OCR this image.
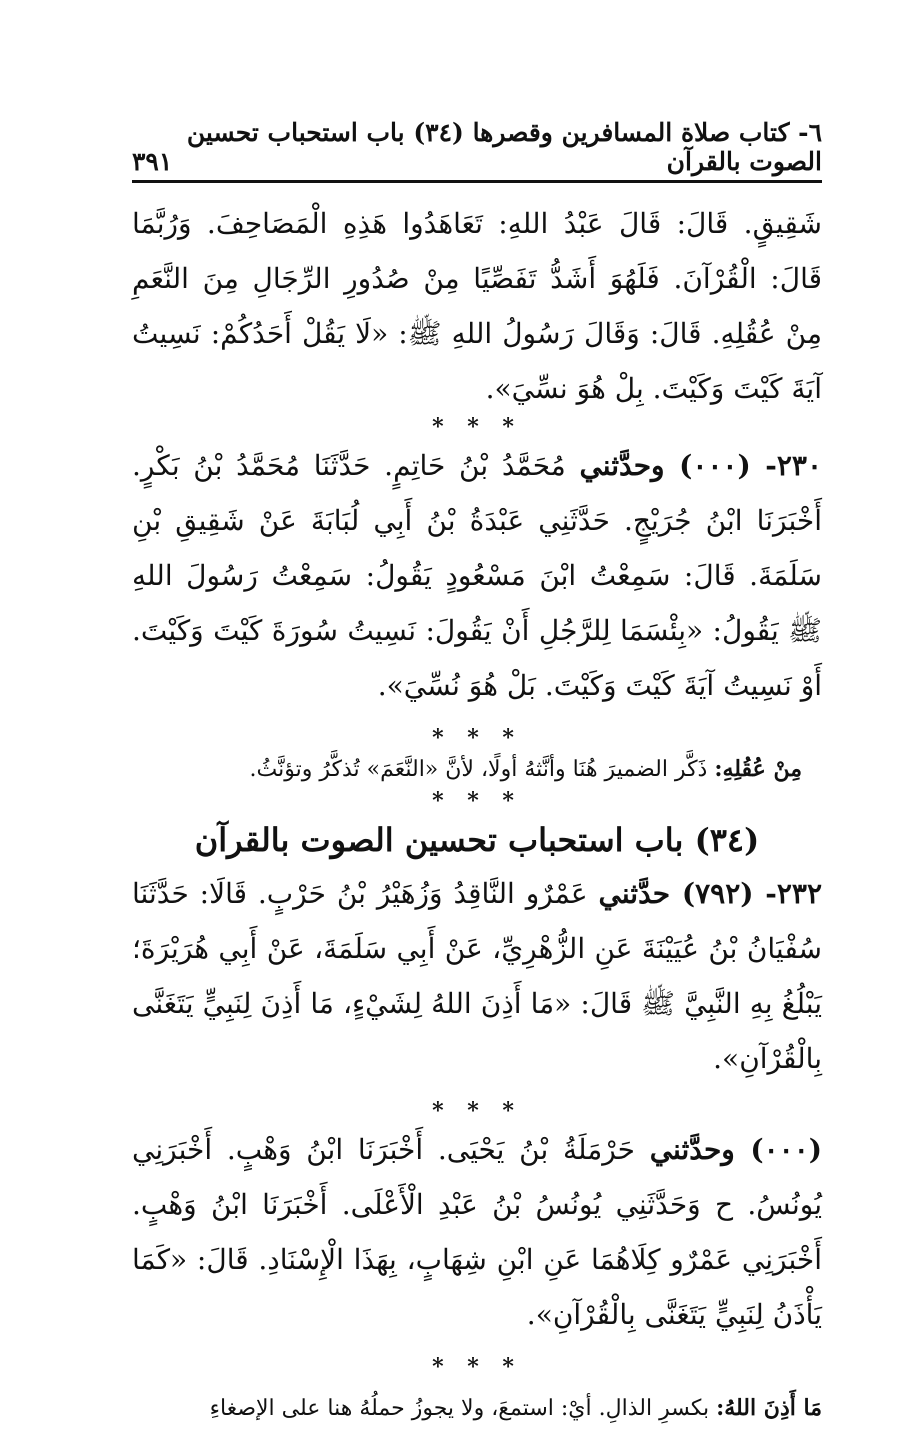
٦- كتاب صلاة المسافرين وقصرها (٣٤) باب استحباب تحسين الصوت بالقرآن
٣٩١

شَقِيقٍ. قَالَ: قَالَ عَبْدُ اللهِ: تَعَاهَدُوا هَذِهِ الْمَصَاحِفَ. وَرُبَّمَا قَالَ: الْقُرْآنَ. فَلَهُوَ أَشَدُّ تَفَصِّيًا مِنْ صُدُورِ الرِّجَالِ مِنَ النَّعَمِ مِنْ عُقُلِهِ. قَالَ: وَقَالَ رَسُولُ اللهِ ﷺ: «لَا يَقُلْ أَحَدُكُمْ: نَسِيتُ آيَةَ كَيْتَ وَكَيْتَ. بِلْ هُوَ نسِّيَ».

* * *

٢٣٠- (٠٠٠) وحدَّثني مُحَمَّدُ بْنُ حَاتِمٍ. حَدَّثَنَا مُحَمَّدُ بْنُ بَكْرٍ. أَخْبَرَنَا ابْنُ جُرَيْجٍ. حَدَّثَنِي عَبْدَةُ بْنُ أَبِي لُبَابَةَ عَنْ شَقِيقِ بْنِ سَلَمَةَ. قَالَ: سَمِعْتُ ابْنَ مَسْعُودٍ يَقُولُ: سَمِعْتُ رَسُولَ اللهِ ﷺ يَقُولُ: «بِئْسَمَا لِلرَّجُلِ أَنْ يَقُولَ: نَسِيتُ سُورَةَ كَيْتَ وَكَيْتَ. أَوْ نَسِيتُ آيَةَ كَيْتَ وَكَيْتَ. بَلْ هُوَ نُسِّيَ».

* * *

مِنْ عُقُلِهِ: ذَكَّر الضميرَ هُنَا وأنَّثهُ أولًا، لأنَّ «النَّعَمَ» تُذكَّرُ وتؤنَّثُ.

* * *
(٣٤) باب استحباب تحسين الصوت بالقرآن

٢٣٢- (٧٩٢) حدَّثني عَمْرٌو النَّاقِدُ وَزُهَيْرُ بْنُ حَرْبٍ. قَالَا: حَدَّثَنَا سُفْيَانُ بْنُ عُيَيْنَةَ عَنِ الزُّهْرِيِّ، عَنْ أَبِي سَلَمَةَ، عَنْ أَبِي هُرَيْرَةَ؛ يَبْلُغُ بِهِ النَّبِيَّ ﷺ قَالَ: «مَا أَذِنَ اللهُ لِشَيْءٍ، مَا أَذِنَ لِنَبِيٍّ يَتَغَنَّى بِالْقُرْآنِ».

* * *

(٠٠٠) وحدَّثني حَرْمَلَةُ بْنُ يَحْيَى. أَخْبَرَنَا ابْنُ وَهْبٍ. أَخْبَرَنِي يُونُسُ. ح وَحَدَّثَنِي يُونُسُ بْنُ عَبْدِ الْأَعْلَى. أَخْبَرَنَا ابْنُ وَهْبٍ. أَخْبَرَنِي عَمْرٌو كِلَاهُمَا عَنِ ابْنِ شِهَابٍ، بِهَذَا الْإِسْنَادِ. قَالَ: «كَمَا يَأْذَنُ لِنَبِيٍّ يَتَغَنَّى بِالْقُرْآنِ».

* * *

مَا أَذِنَ اللهُ: بكسرِ الذالِ. أيْ: استمعَ، ولا يجوزُ حملُهُ هنا على الإصغاءِ
